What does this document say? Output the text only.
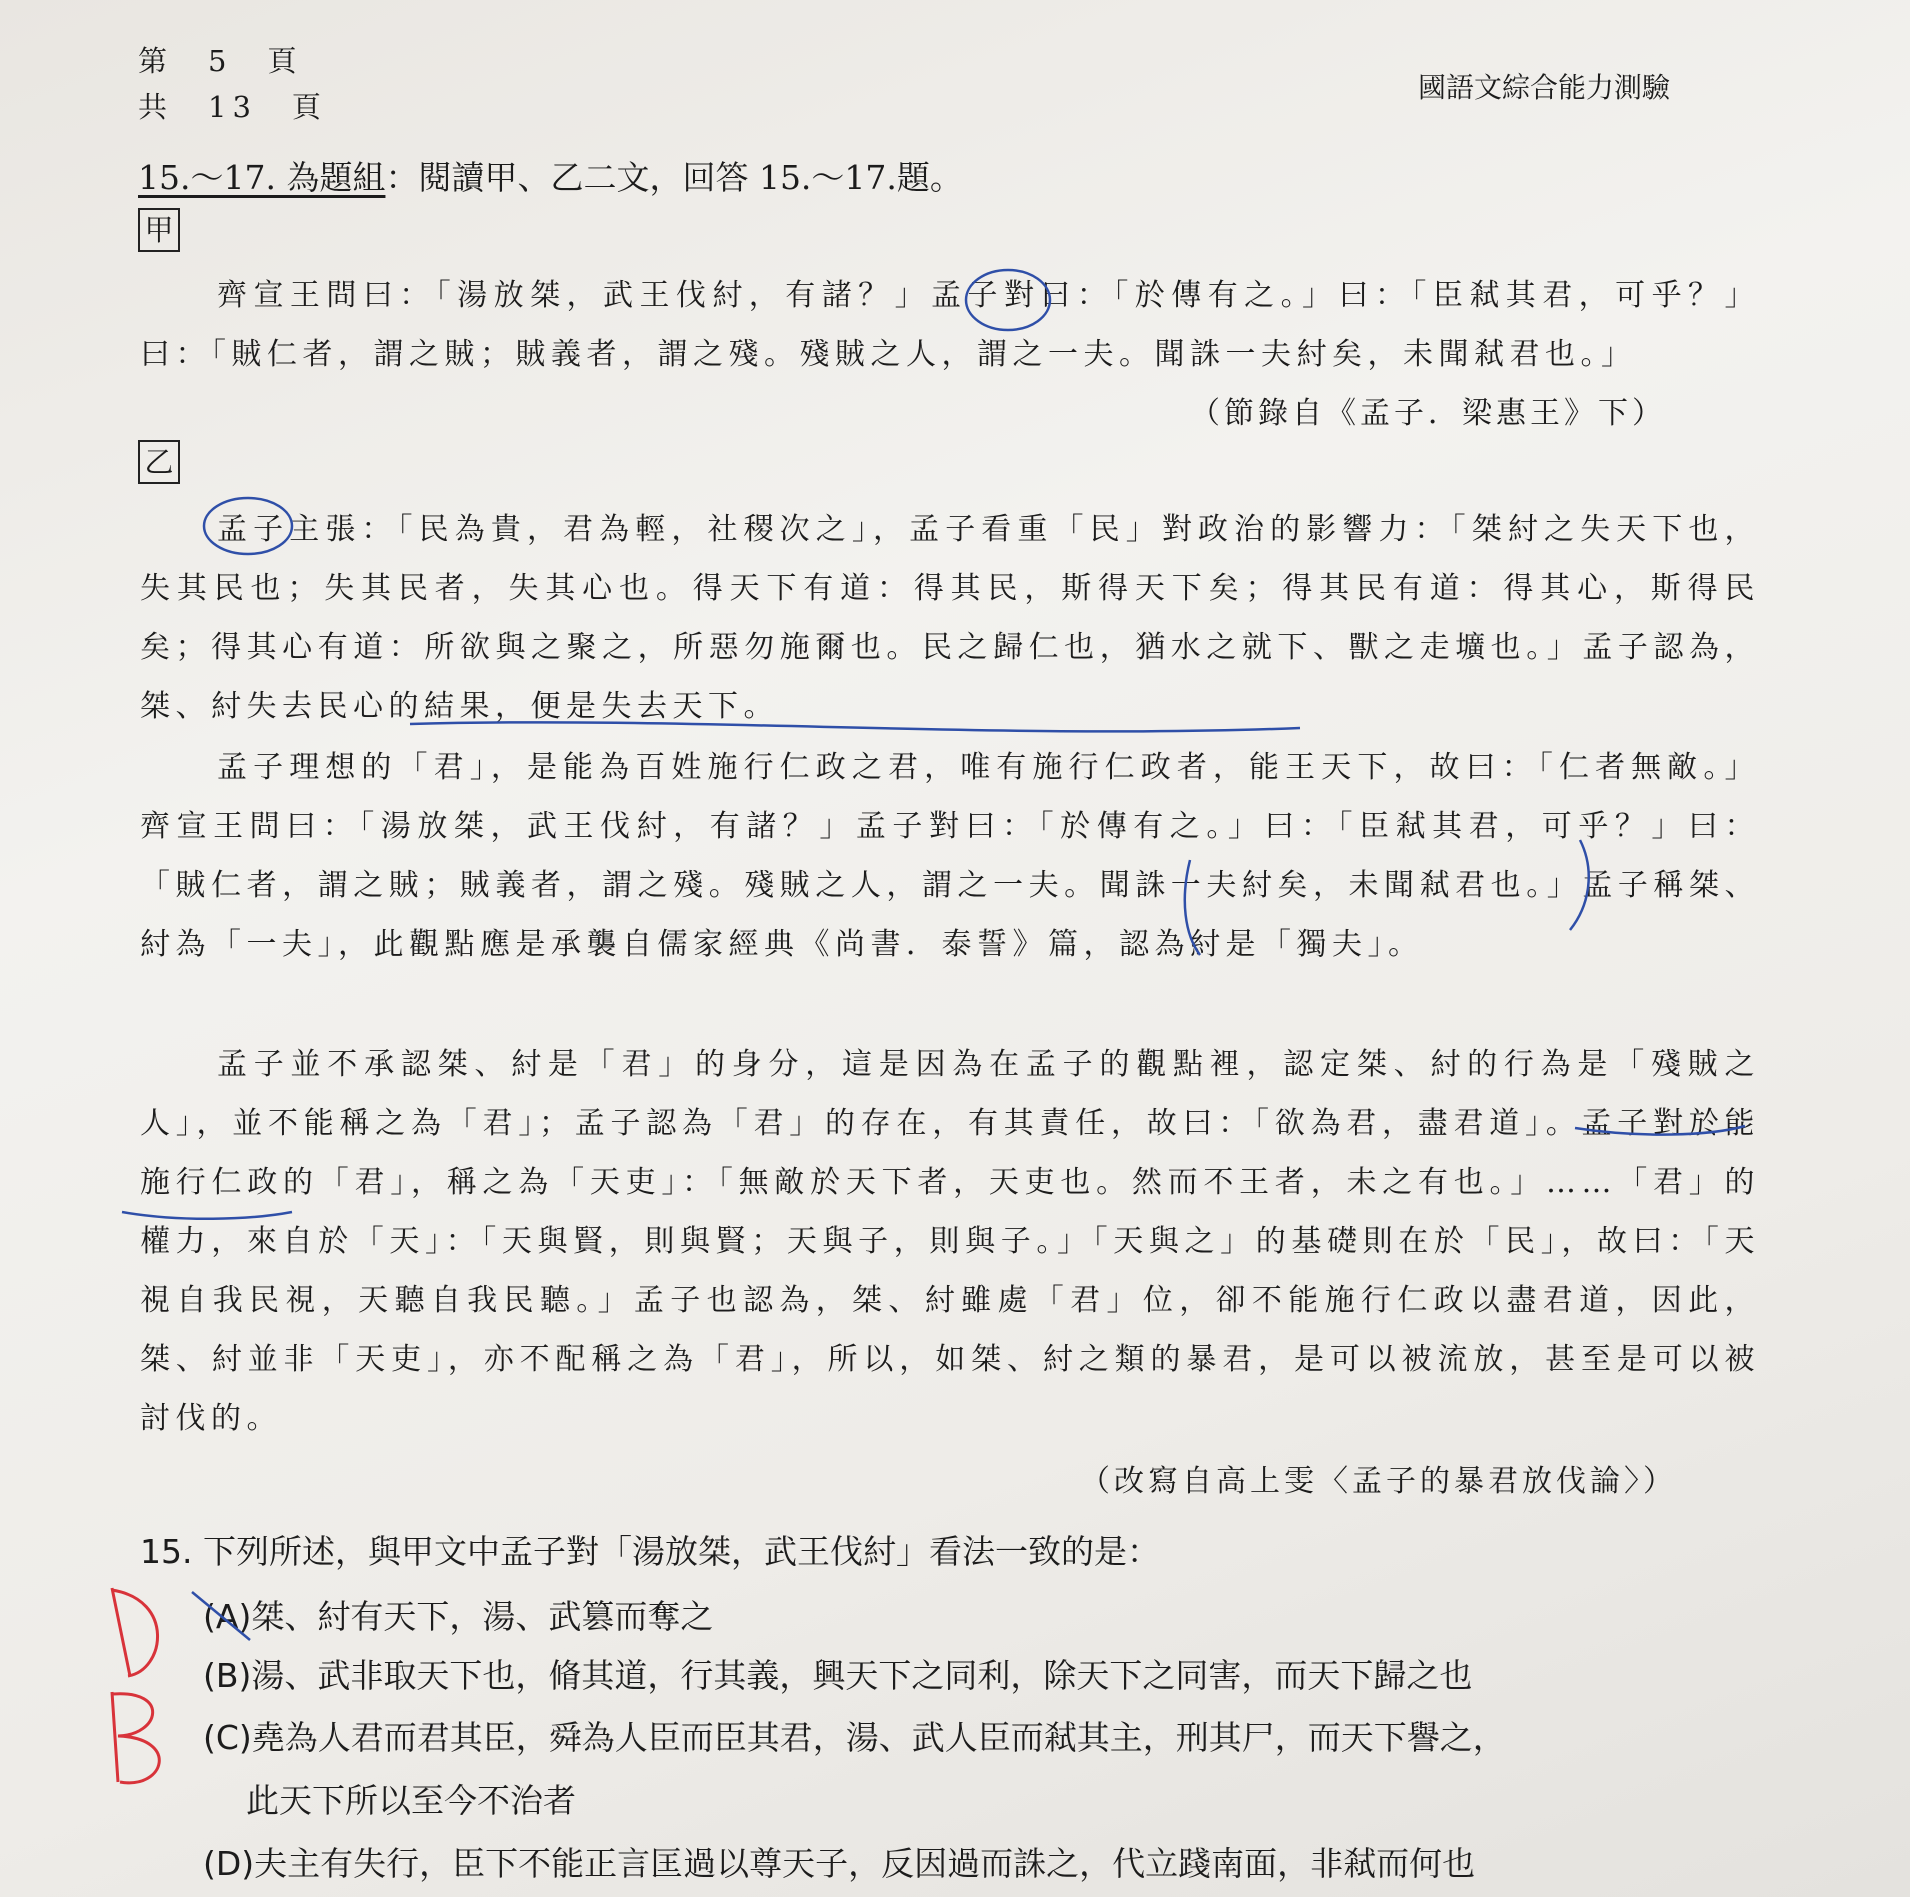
第　5　頁
共　13　頁
國語文綜合能力測驗
15.～17. 為題組：閱讀甲、乙二文，回答 15.～17.題。
甲
齊宣王問曰：「湯放桀，武王伐紂，有諸？」孟子對曰：「於傳有之。」曰：「臣弒其君，可乎？」曰：「賊仁者，謂之賊；賊義者，謂之殘。殘賊之人，謂之一夫。聞誅一夫紂矣，未聞弒君也。」
（節錄自《孟子．梁惠王》下）
乙
孟子主張：「民為貴，君為輕，社稷次之」，孟子看重「民」對政治的影響力：「桀紂之失天下也，失其民也；失其民者，失其心也。得天下有道：得其民，斯得天下矣；得其民有道：得其心，斯得民矣；得其心有道：所欲與之聚之，所惡勿施爾也。民之歸仁也，猶水之就下、獸之走壙也。」孟子認為，桀、紂失去民心的結果，便是失去天下。
孟子理想的「君」，是能為百姓施行仁政之君，唯有施行仁政者，能王天下，故曰：「仁者無敵。」齊宣王問曰：「湯放桀，武王伐紂，有諸？」孟子對曰：「於傳有之。」曰：「臣弒其君，可乎？」曰：「賊仁者，謂之賊；賊義者，謂之殘。殘賊之人，謂之一夫。聞誅一夫紂矣，未聞弒君也。」孟子稱桀、紂為「一夫」，此觀點應是承襲自儒家經典《尚書．泰誓》篇，認為紂是「獨夫」。
孟子並不承認桀、紂是「君」的身分，這是因為在孟子的觀點裡，認定桀、紂的行為是「殘賊之人」，並不能稱之為「君」；孟子認為「君」的存在，有其責任，故曰：「欲為君，盡君道」。孟子對於能施行仁政的「君」，稱之為「天吏」：「無敵於天下者，天吏也。然而不王者，未之有也。」……「君」的權力，來自於「天」：「天與賢，則與賢；天與子，則與子。」「天與之」的基礎則在於「民」，故曰：「天視自我民視，天聽自我民聽。」孟子也認為，桀、紂雖處「君」位，卻不能施行仁政以盡君道，因此，桀、紂並非「天吏」，亦不配稱之為「君」，所以，如桀、紂之類的暴君，是可以被流放，甚至是可以被討伐的。
（改寫自高上雯〈孟子的暴君放伐論〉）
15. 下列所述，與甲文中孟子對「湯放桀，武王伐紂」看法一致的是：
(A)桀、紂有天下，湯、武篡而奪之
(B)湯、武非取天下也，脩其道，行其義，興天下之同利，除天下之同害，而天下歸之也
(C)堯為人君而君其臣，舜為人臣而臣其君，湯、武人臣而弒其主，刑其尸，而天下譽之，
此天下所以至今不治者
(D)夫主有失行，臣下不能正言匡過以尊天子，反因過而誅之，代立踐南面，非弒而何也
